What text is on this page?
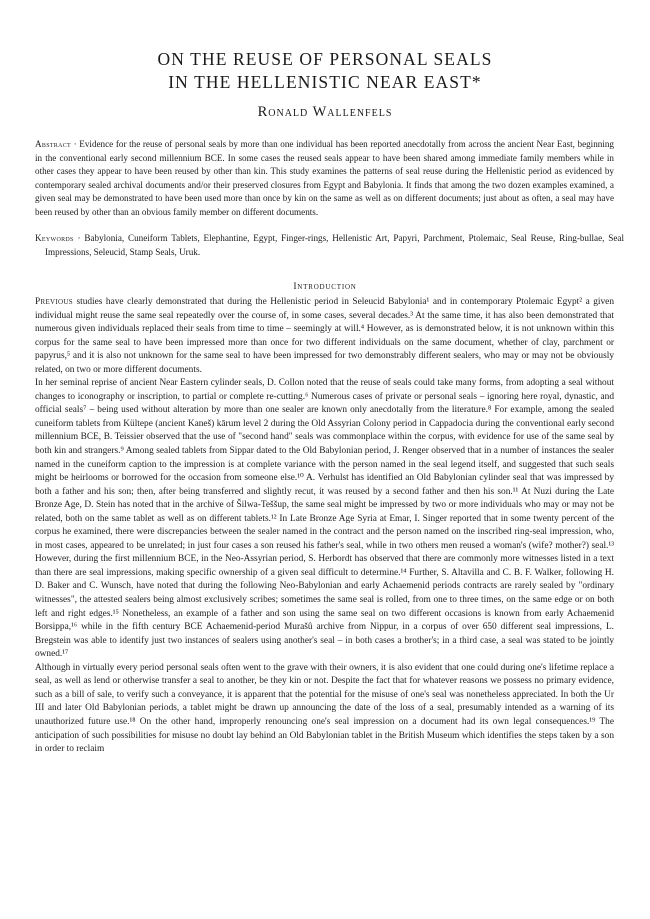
ON THE REUSE OF PERSONAL SEALS
IN THE HELLENISTIC NEAR EAST*
Ronald Wallenfels
Abstract · Evidence for the reuse of personal seals by more than one individual has been reported anecdotally from across the ancient Near East, beginning in the conventional early second millennium BCE. In some cases the reused seals appear to have been shared among immediate family members while in other cases they appear to have been reused by other than kin. This study examines the patterns of seal reuse during the Hellenistic period as evidenced by contemporary sealed archival documents and/or their preserved closures from Egypt and Babylonia. It finds that among the two dozen examples examined, a given seal may be demonstrated to have been used more than once by kin on the same as well as on different documents; just about as often, a seal may have been reused by other than an obvious family member on different documents.
Keywords · Babylonia, Cuneiform Tablets, Elephantine, Egypt, Finger-rings, Hellenistic Art, Papyri, Parchment, Ptolemaic, Seal Reuse, Ring-bullae, Seal Impressions, Seleucid, Stamp Seals, Uruk.
Introduction

Previous studies have clearly demonstrated that during the Hellenistic period in Seleucid Babylonia¹ and in contemporary Ptolemaic Egypt² a given individual might reuse the same seal repeatedly over the course of, in some cases, several decades.³ At the same time, it has also been demonstrated that numerous given individuals replaced their seals from time to time – seemingly at will.⁴ However, as is demonstrated below, it is not unknown within this corpus for the same seal to have been impressed more than once for two different individuals on the same document, whether of clay, parchment or papyrus,⁵ and it is also not unknown for the same seal to have been impressed for two demonstrably different sealers, who may or may not be obviously related, on two or more different documents.

In her seminal reprise of ancient Near Eastern cylinder seals, D. Collon noted that the reuse of seals could take many forms, from adopting a seal without changes to iconography or inscription, to partial or complete re-cutting.⁶ Numerous cases of private or personal seals – ignoring here royal, dynastic, and official seals⁷ – being used without alteration by more than one sealer are known only anecdotally from the literature.⁸ For example, among the sealed cuneiform tablets from Kültepe (ancient Kaneš) kārum level 2 during the Old Assyrian Colony period in Cappadocia during the conventional early second millennium BCE, B. Teissier observed that the use of "second hand" seals was commonplace within the corpus, with evidence for use of the same seal by both kin and strangers.⁹ Among sealed tablets from Sippar dated to the Old Babylonian period, J. Renger observed that in a number of instances the sealer named in the cuneiform caption to the impression is at complete variance with the person named in the seal legend itself, and suggested that such seals might be heirlooms or borrowed for the occasion from someone else.¹⁰ A. Verhulst has identified an Old Babylonian cylinder seal that was impressed by both a father and his son; then, after being transferred and slightly recut, it was reused by a second father and then his son.¹¹ At Nuzi during the Late Bronze Age, D. Stein has noted that in the archive of Šilwa-Teššup, the same seal might be impressed by two or more individuals who may or may not be related, both on the same tablet as well as on different tablets.¹² In Late Bronze Age Syria at Emar, I. Singer reported that in some twenty percent of the corpus he examined, there were discrepancies between the sealer named in the contract and the person named on the inscribed ring-seal impression, who, in most cases, appeared to be unrelated; in just four cases a son reused his father's seal, while in two others men reused a woman's (wife? mother?) seal.¹³ However, during the first millennium BCE, in the Neo-Assyrian period, S. Herbordt has observed that there are commonly more witnesses listed in a text than there are seal impressions, making specific ownership of a given seal difficult to determine.¹⁴ Further, S. Altavilla and C. B. F. Walker, following H. D. Baker and C. Wunsch, have noted that during the following Neo-Babylonian and early Achaemenid periods contracts are rarely sealed by "ordinary witnesses", the attested sealers being almost exclusively scribes; sometimes the same seal is rolled, from one to three times, on the same edge or on both left and right edges.¹⁵ Nonetheless, an example of a father and son using the same seal on two different occasions is known from early Achaemenid Borsippa,¹⁶ while in the fifth century BCE Achaemenid-period Murašû archive from Nippur, in a corpus of over 650 different seal impressions, L. Bregstein was able to identify just two instances of sealers using another's seal – in both cases a brother's; in a third case, a seal was stated to be jointly owned.¹⁷

Although in virtually every period personal seals often went to the grave with their owners, it is also evident that one could during one's lifetime replace a seal, as well as lend or otherwise transfer a seal to another, be they kin or not. Despite the fact that for whatever reasons we possess no primary evidence, such as a bill of sale, to verify such a conveyance, it is apparent that the potential for the misuse of one's seal was nonetheless appreciated. In both the Ur III and later Old Babylonian periods, a tablet might be drawn up announcing the date of the loss of a seal, presumably intended as a warning of its unauthorized future use.¹⁸ On the other hand, improperly renouncing one's seal impression on a document had its own legal consequences.¹⁹ The anticipation of such possibilities for misuse no doubt lay behind an Old Babylonian tablet in the British Museum which identifies the steps taken by a son in order to reclaim
